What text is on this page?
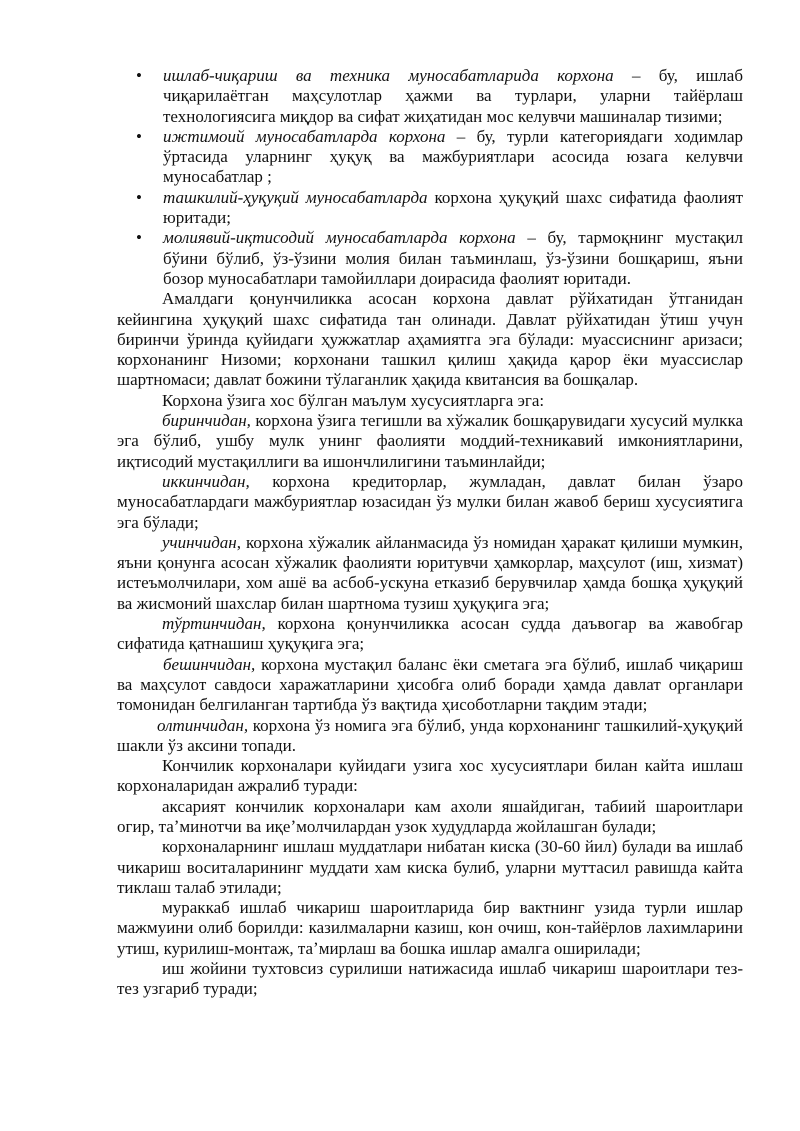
• ишлаб-чиқариш ва техника муносабатларида корхона – бу, ишлаб чиқарилаётган маҳсулотлар ҳажми ва турлари, уларни тайёрлаш технологиясига миқдор ва сифат жиҳатидан мос келувчи машиналар тизими;
• ижтимоий муносабатларда корхона – бу, турли категориядаги ходимлар ўртасида уларнинг ҳуқуқ ва мажбуриятлари асосида юзага келувчи муносабатлар ;
• ташкилий-ҳуқуқий муносабатларда корхона ҳуқуқий шахс сифатида фаолият юритади;
• молиявий-иқтисодий муносабатларда корхона – бу, тармоқнинг мустақил бўини бўлиб, ўз-ўзини молия билан таъминлаш, ўз-ўзини бошқариш, яъни бозор муносабатлари тамойиллари доирасида фаолият юритади.

Амалдаги қонунчиликка асосан корхона давлат рўйхатидан ўтганидан кейингина ҳуқуқий шахс сифатида тан олинади. Давлат рўйхатидан ўтиш учун биринчи ўринда қуйидаги ҳужжатлар аҳамиятга эга бўлади: муассиснинг аризаси; корхонанинг Низоми; корхонани ташкил қилиш ҳақида қарор ёки муассислар шартномаси; давлат божини тўлаганлик ҳақида квитансия ва бошқалар.

Корхона ўзига хос бўлган маълум хусусиятларга эга:

биринчидан, корхона ўзига тегишли ва хўжалик бошқарувидаги хусусий мулкка эга бўлиб, ушбу мулк унинг фаолияти моддий-техникавий имкониятларини, иқтисодий мустақиллиги ва ишончлилигини таъминлайди;

иккинчидан, корхона кредиторлар, жумладан, давлат билан ўзаро муносабатлардаги мажбуриятлар юзасидан ўз мулки билан жавоб бериш хусусиятига эга бўлади;

учинчидан, корхона хўжалик айланмасида ўз номидан ҳаракат қилиши мумкин, яъни қонунга асосан хўжалик фаолияти юритувчи ҳамкорлар, маҳсулот (иш, хизмат) истеъмолчилари, хом ашё ва асбоб-ускуна етказиб берувчилар ҳамда бошқа ҳуқуқий ва жисмоний шахслар билан шартнома тузиш ҳуқуқига эга;

тўртинчидан, корхона қонунчиликка асосан судда даъвогар ва жавобгар сифатида қатнашиш ҳуқуқига эга;

бешинчидан, корхона мустақил баланс ёки сметага эга бўлиб, ишлаб чиқариш ва маҳсулот савдоси харажатларини ҳисобга олиб боради ҳамда давлат органлари томонидан белгиланган тартибда ўз вақтида ҳисоботларни тақдим этади;

олтинчидан, корхона ўз номига эга бўлиб, унда корхонанинг ташкилий-ҳуқуқий шакли ўз аксини топади.

Кончилик корхоналари куйидаги узига хос хусусиятлари билан кайта ишлаш корхоналаридан ажралиб туради:

аксарият кончилик корхоналари кам ахоли яшайдиган, табиий шароитлари огир, таʼминотчи ва иқеʼмолчилардан узок худудларда жойлашган булади;

корхоналарнинг ишлаш муддатлари нибатан киска (30-60 йил) булади ва ишлаб чикариш воситаларининг муддати хам киска булиб, уларни муттасил равишда кайта тиклаш талаб этилади;

мураккаб ишлаб чикариш шароитларида бир вактнинг узида турли ишлар мажмуини олиб борилди: казилмаларни казиш, кон очиш, кон-тайёрлов лахимларини утиш, курилиш-монтаж, таʼмирлаш ва бошка ишлар амалга оширилади;

иш жойини тухтовсиз сурилиши натижасида ишлаб чикариш шароитлари тез-тез узгариб туради;
